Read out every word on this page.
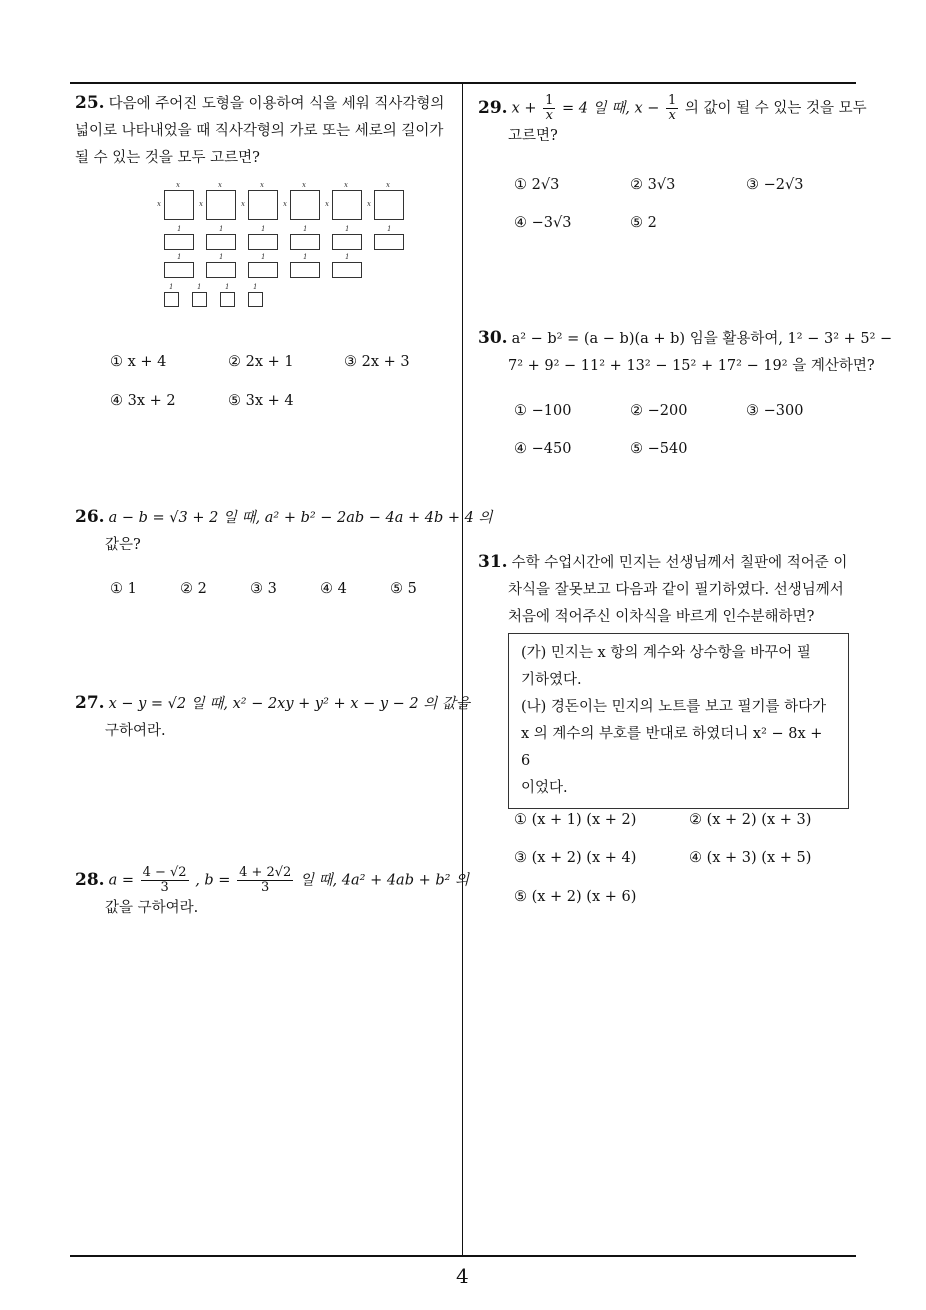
4
25. 다음에 주어진 도형을 이용하여 식을 세워 직사각형의 넓이로 나타내었을 때 직사각형의 가로 또는 세로의 길이가 될 수 있는 것을 모두 고르면?
x	x	x	x	x	x
x	x	x	x	x	x
1	1	1	1	1	1
1	1	1	1	1
1	1	1	1
① x + 4	② 2x + 1	③ 2x + 3
④ 3x + 2	⑤ 3x + 4
26. a − b = √3 + 2 일 때, a² + b² − 2ab − 4a + 4b + 4 의
값은?
① 1	② 2	③ 3	④ 4	⑤ 5
27. x − y = √2 일 때, x² − 2xy + y² + x − y − 2 의 값을
구하여라.
28. $a = \frac{4 - √2}{3}$ , $b = \frac{4 + 2√2}{3}$ 일 때, 4a² + 4ab + b² 의
값을 구하여라.
29. $x + \frac{1}{x} = 4$ 일 때, $x - \frac{1}{x}$ 의 값이 될 수 있는 것을 모두
고르면?
① 2√3	② 3√3	③ −2√3
④ −3√3	⑤ 2
30. a² − b² = (a − b)(a + b) 임을 활용하여, 1² − 3² + 5² −
7² + 9² − 11² + 13² − 15² + 17² − 19² 을 계산하면?
① −100	② −200	③ −300
④ −450	⑤ −540
31. 수학 수업시간에 민지는 선생님께서 칠판에 적어준 이
차식을 잘못보고 다음과 같이 필기하였다. 선생님께서
처음에 적어주신 이차식을 바르게 인수분해하면?
(가) 민지는 x 항의 계수와 상수항을 바꾸어 필
기하였다.
(나) 경돈이는 민지의 노트를 보고 필기를 하다가
x 의 계수의 부호를 반대로 하였더니 x² − 8x + 6
이었다.
① (x + 1) (x + 2)	② (x + 2) (x + 3)
③ (x + 2) (x + 4)	④ (x + 3) (x + 5)
⑤ (x + 2) (x + 6)
